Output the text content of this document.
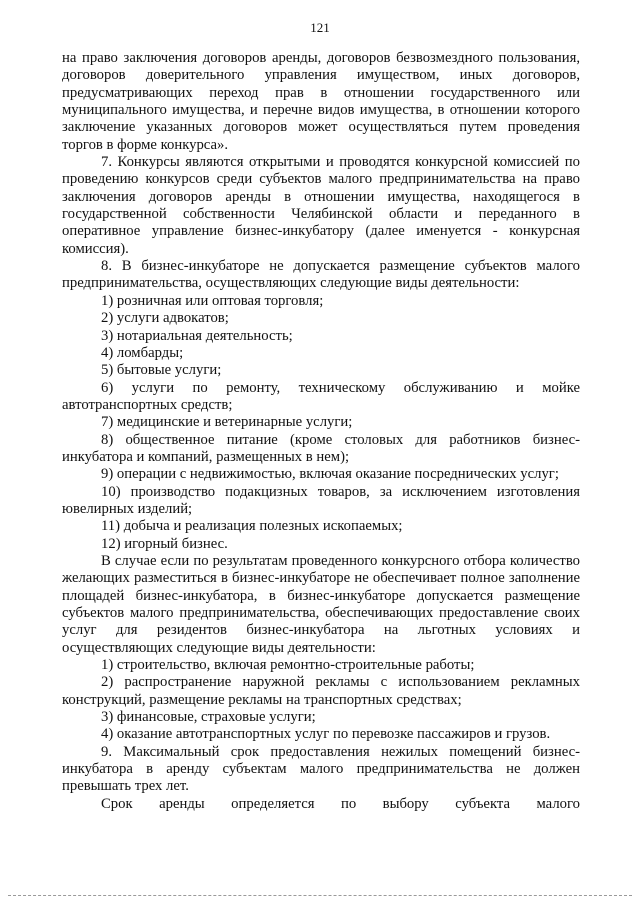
121

на право заключения договоров аренды, договоров безвозмездного пользования, договоров доверительного управления имуществом, иных договоров, предусматривающих переход прав в отношении государственного или муниципального имущества, и перечне видов имущества, в отношении которого заключение указанных договоров может осуществляться путем проведения торгов в форме конкурса».

7. Конкурсы являются открытыми и проводятся конкурсной комиссией по проведению конкурсов среди субъектов малого предпринимательства на право заключения договоров аренды в отношении имущества, находящегося в государственной собственности Челябинской области и переданного в оперативное управление бизнес-инкубатору (далее именуется - конкурсная комиссия).

8. В бизнес-инкубаторе не допускается размещение субъектов малого предпринимательства, осуществляющих следующие виды деятельности:

1) розничная или оптовая торговля;

2) услуги адвокатов;

3) нотариальная деятельность;

4) ломбарды;

5) бытовые услуги;

6) услуги по ремонту, техническому обслуживанию и мойке автотранспортных средств;

7) медицинские и ветеринарные услуги;

8) общественное питание (кроме столовых для работников бизнес-инкубатора и компаний, размещенных в нем);

9) операции с недвижимостью, включая оказание посреднических услуг;

10) производство подакцизных товаров, за исключением изготовления ювелирных изделий;

11) добыча и реализация полезных ископаемых;

12) игорный бизнес.

В случае если по результатам проведенного конкурсного отбора количество желающих разместиться в бизнес-инкубаторе не обеспечивает полное заполнение площадей бизнес-инкубатора, в бизнес-инкубаторе допускается размещение субъектов малого предпринимательства, обеспечивающих предоставление своих услуг для резидентов бизнес-инкубатора на льготных условиях и осуществляющих следующие виды деятельности:

1) строительство, включая ремонтно-строительные работы;

2) распространение наружной рекламы с использованием рекламных конструкций, размещение рекламы на транспортных средствах;

3) финансовые, страховые услуги;

4) оказание автотранспортных услуг по перевозке пассажиров и грузов.

9. Максимальный срок предоставления нежилых помещений бизнес-инкубатора в аренду субъектам малого предпринимательства не должен превышать трех лет.

Срок аренды определяется по выбору субъекта малого
